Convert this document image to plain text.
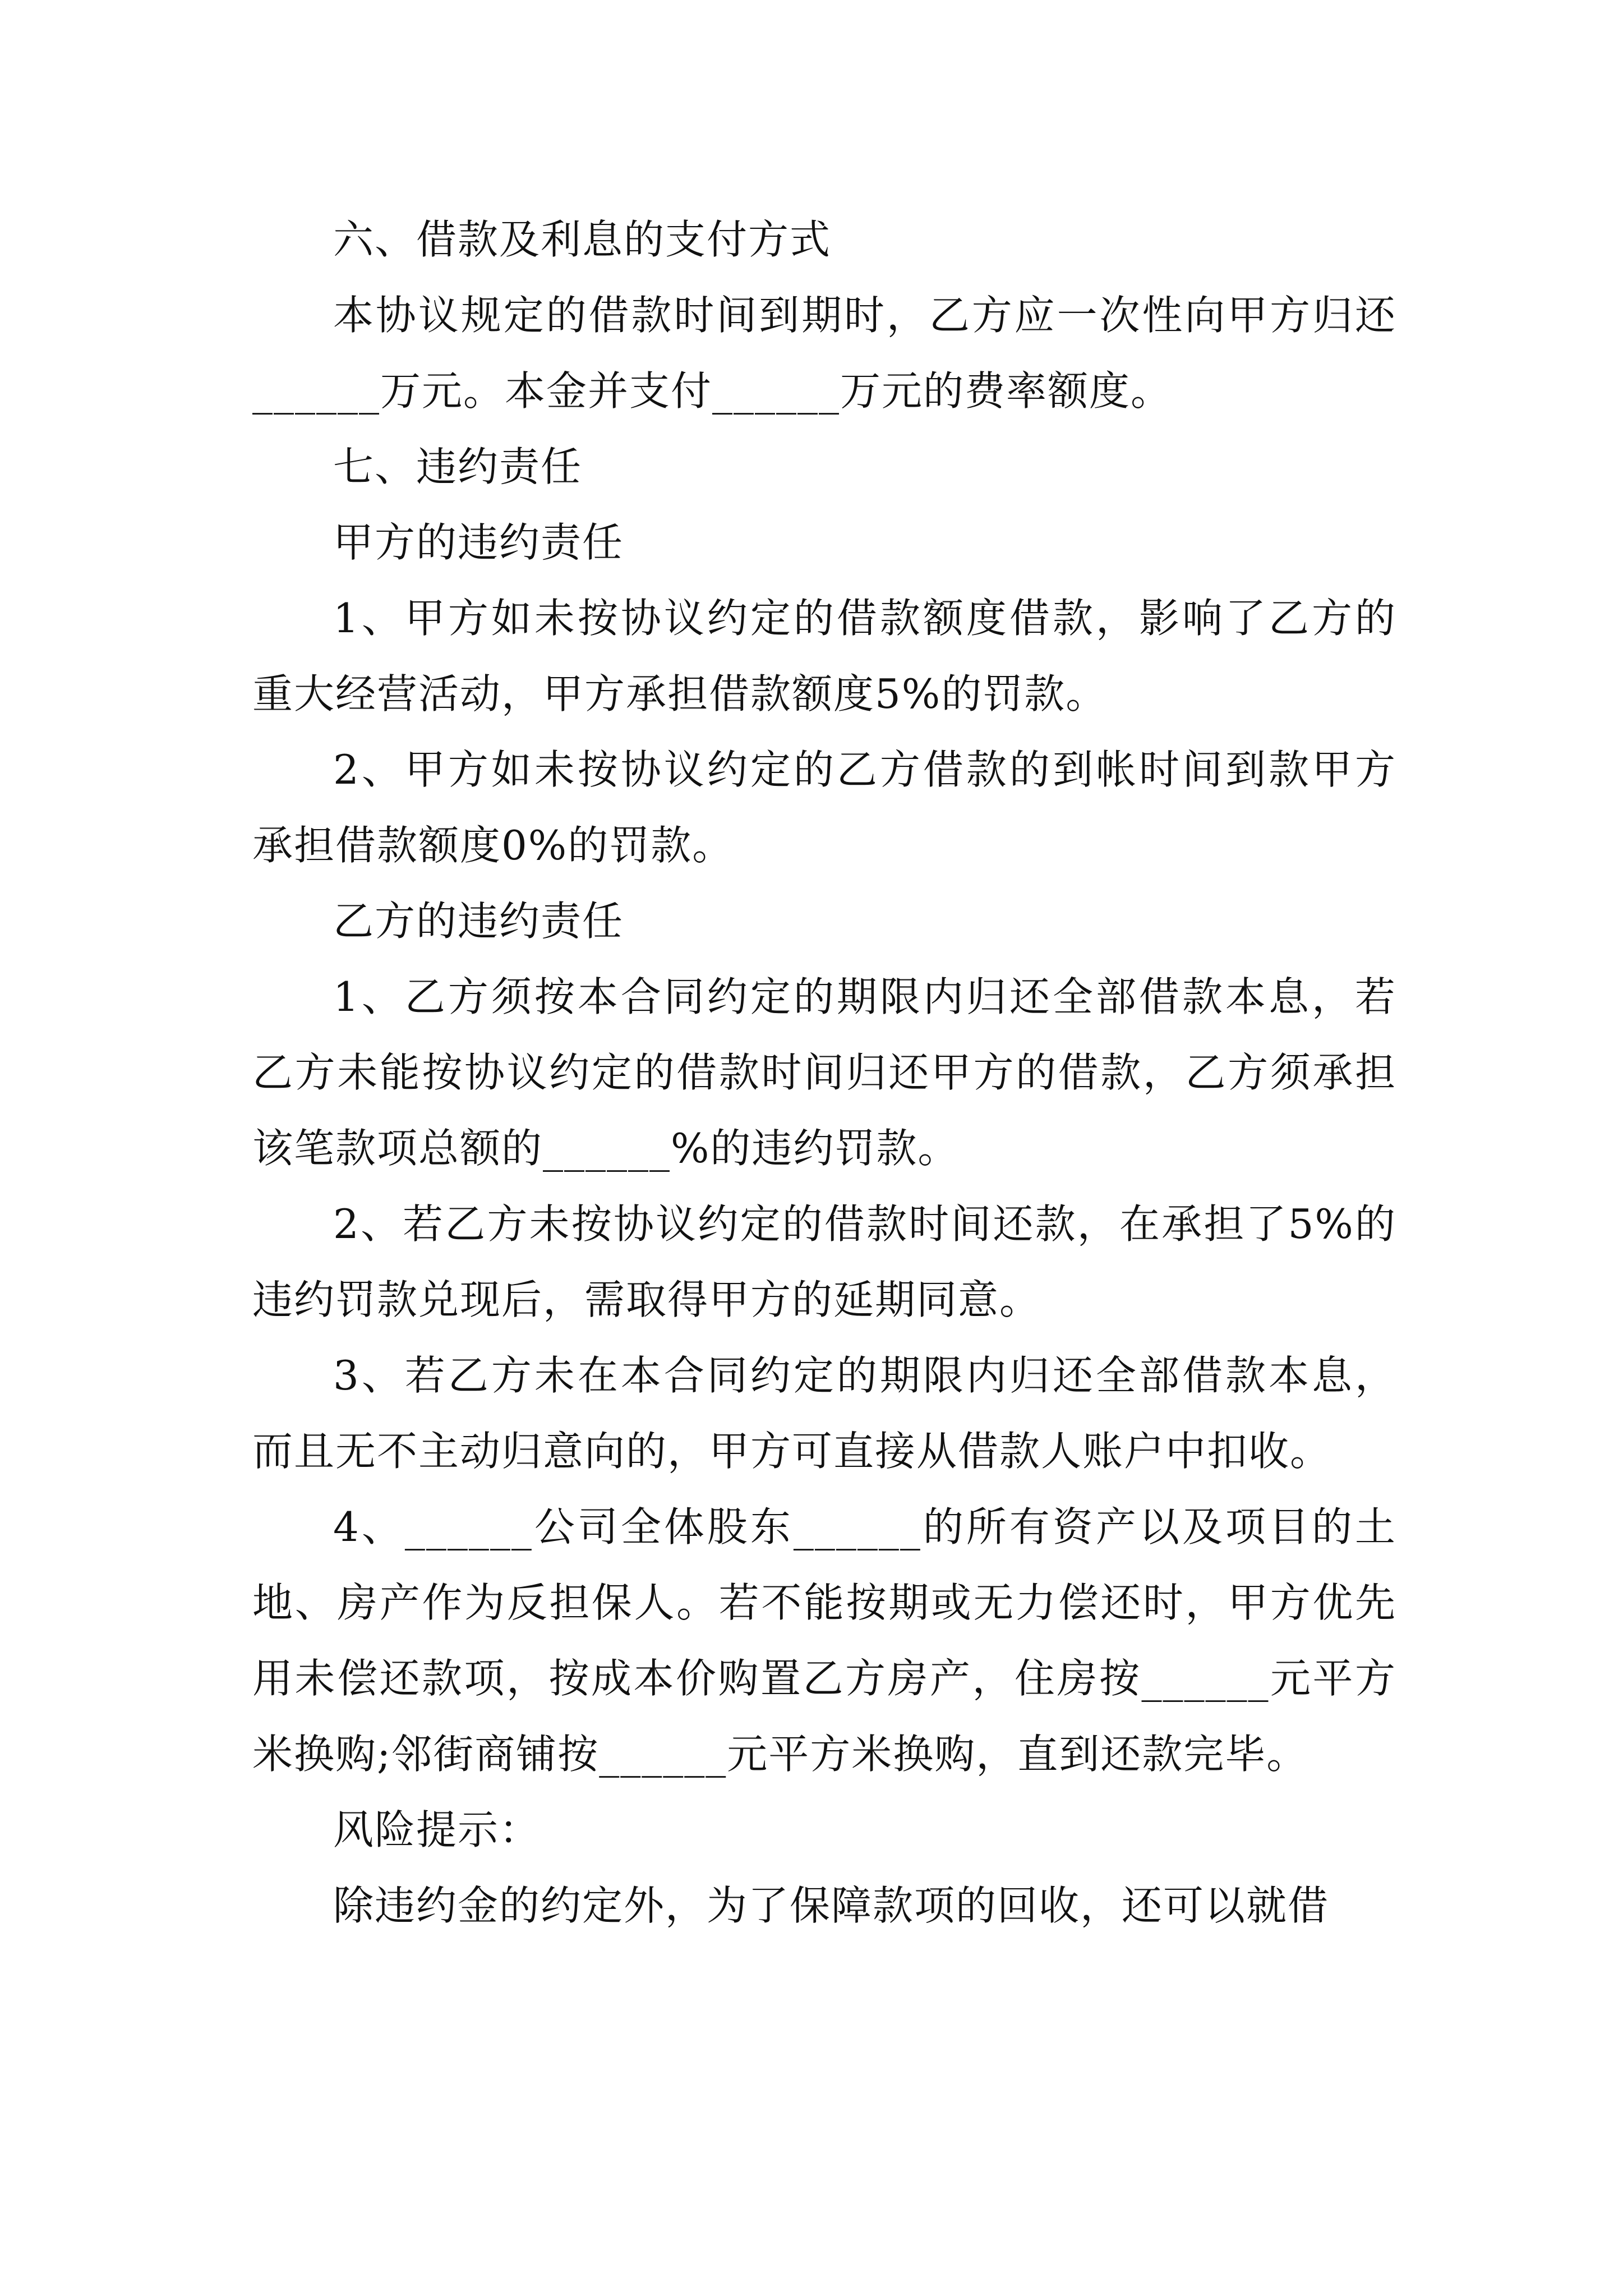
六、借款及利息的支付方式

本协议规定的借款时间到期时，乙方应一次性向甲方归还______万元。本金并支付______万元的费率额度。

七、违约责任

甲方的违约责任

1、甲方如未按协议约定的借款额度借款，影响了乙方的重大经营活动，甲方承担借款额度5%的罚款。

2、甲方如未按协议约定的乙方借款的到帐时间到款甲方承担借款额度0%的罚款。

乙方的违约责任

1、乙方须按本合同约定的期限内归还全部借款本息，若乙方未能按协议约定的借款时间归还甲方的借款，乙方须承担该笔款项总额的______%的违约罚款。

2、若乙方未按协议约定的借款时间还款，在承担了5%的违约罚款兑现后，需取得甲方的延期同意。

3、若乙方未在本合同约定的期限内归还全部借款本息，而且无不主动归意向的，甲方可直接从借款人账户中扣收。

4、______公司全体股东______的所有资产以及项目的土地、房产作为反担保人。若不能按期或无力偿还时，甲方优先用未偿还款项，按成本价购置乙方房产，住房按______元平方米换购;邻街商铺按______元平方米换购，直到还款完毕。

风险提示：

除违约金的约定外，为了保障款项的回收，还可以就借
